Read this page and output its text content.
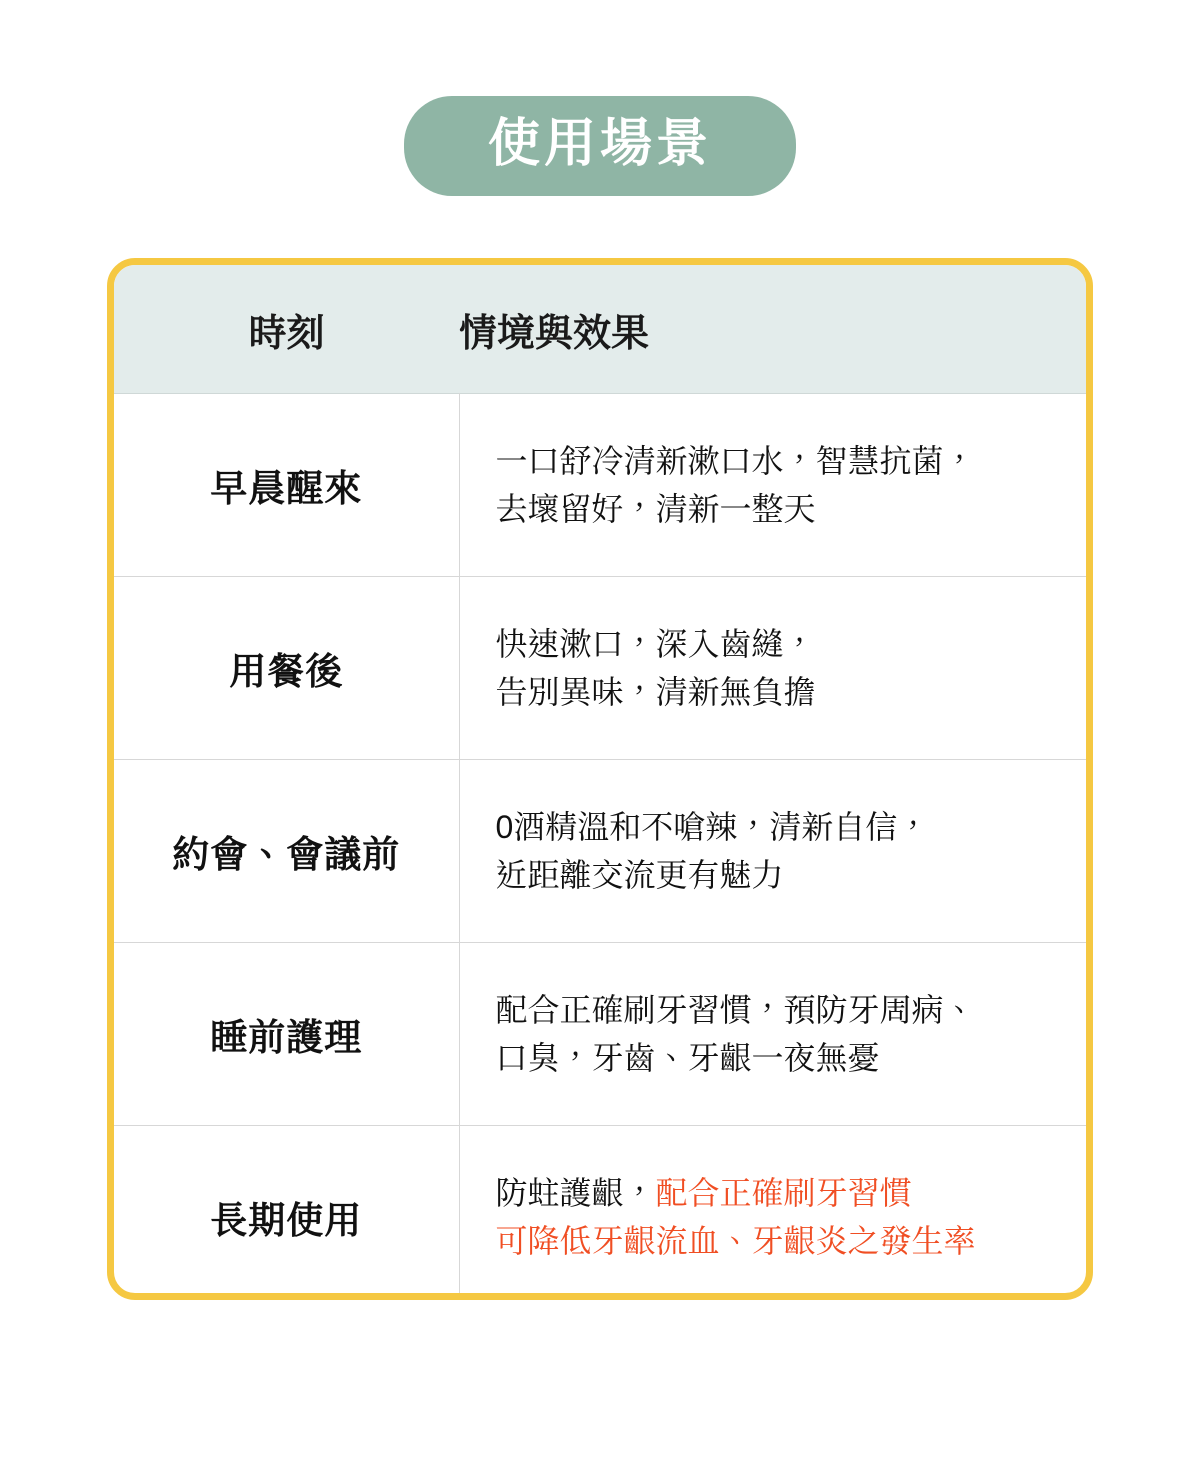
使用場景
時刻	情境與效果
早晨醒來	一口舒冷清新漱口水，智慧抗菌，
去壞留好，清新一整天

用餐後	快速漱口，深入齒縫，
告別異味，清新無負擔

約會、會議前	0酒精溫和不嗆辣，清新自信，
近距離交流更有魅力

睡前護理	配合正確刷牙習慣，預防牙周病、
口臭，牙齒、牙齦一夜無憂

長期使用	防蛀護齦，配合正確刷牙習慣
可降低牙齦流血、牙齦炎之發生率
